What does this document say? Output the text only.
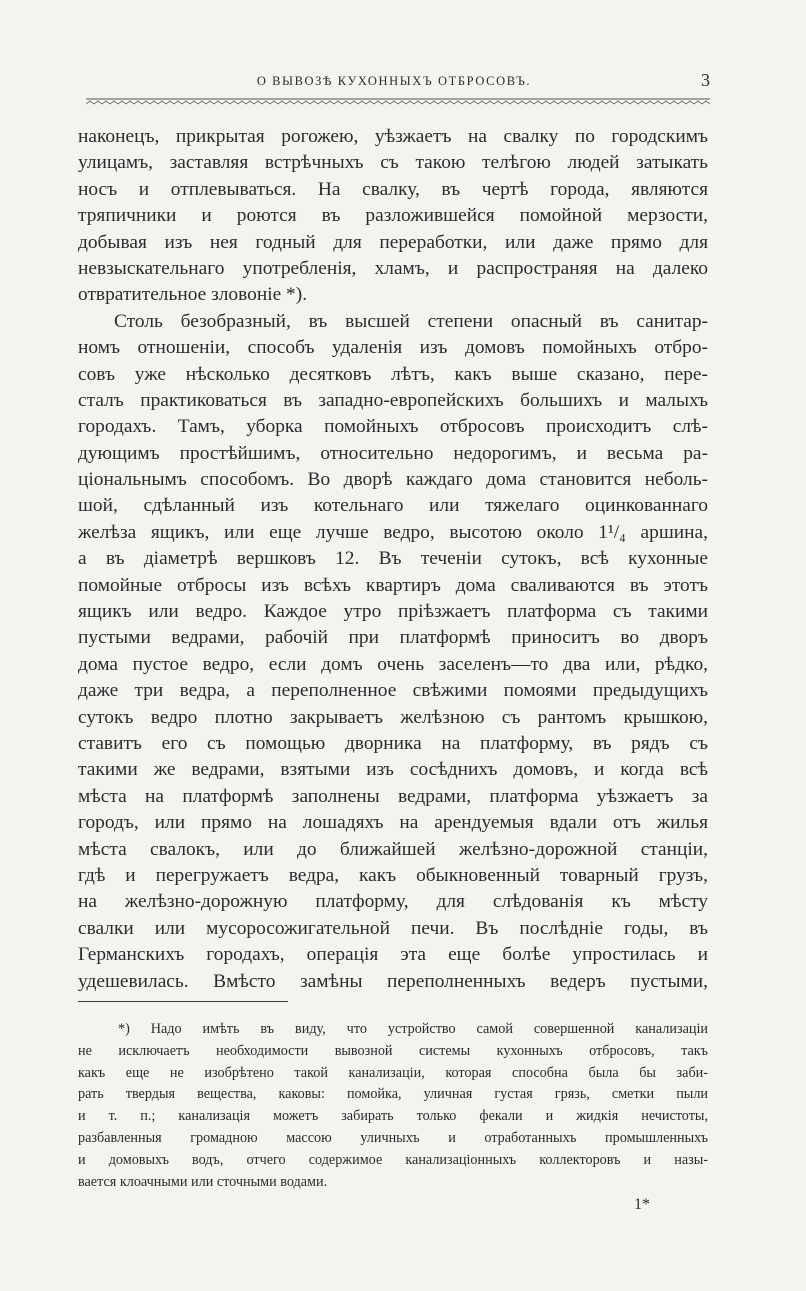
О ВЫВОЗѢ КУХОННЫХЪ ОТБРОСОВЪ.	3
наконецъ, прикрытая рогожею, уѣзжаетъ на свалку по городскимъ
улицамъ, заставляя встрѣчныхъ съ такою телѣгою людей затыкать
носъ и отплевываться. На свалку, въ чертѣ города, являются
тряпичники и роются въ разложившейся помойной мерзости,
добывая изъ нея годный для переработки, или даже прямо для
невзыскательнаго употребленія, хламъ, и распространяя на далеко
отвратительное зловоніе *).
Столь безобразный, въ высшей степени опасный въ санитар-
номъ отношеніи, способъ удаленія изъ домовъ помойныхъ отбро-
совъ уже нѣсколько десятковъ лѣтъ, какъ выше сказано, пере-
сталъ практиковаться въ западно-европейскихъ большихъ и малыхъ
городахъ. Тамъ, уборка помойныхъ отбросовъ происходитъ слѣ-
дующимъ простѣйшимъ, относительно недорогимъ, и весьма ра-
ціональнымъ способомъ. Во дворѣ каждаго дома становится неболь-
шой, сдѣланный изъ котельнаго или тяжелаго оцинкованнаго
желѣза ящикъ, или еще лучше ведро, высотою около 1¹/₄ аршина,
а въ діаметрѣ вершковъ 12. Въ теченіи сутокъ, всѣ кухонные
помойные отбросы изъ всѣхъ квартиръ дома сваливаются въ этотъ
ящикъ или ведро. Каждое утро пріѣзжаетъ платформа съ такими
пустыми ведрами, рабочій при платформѣ приноситъ во дворъ
дома пустое ведро, если домъ очень заселенъ—то два или, рѣдко,
даже три ведра, а переполненное свѣжими помоями предыдущихъ
сутокъ ведро плотно закрываетъ желѣзною съ рантомъ крышкою,
ставитъ его съ помощью дворника на платформу, въ рядъ съ
такими же ведрами, взятыми изъ сосѣднихъ домовъ, и когда всѣ
мѣста на платформѣ заполнены ведрами, платформа уѣзжаетъ за
городъ, или прямо на лошадяхъ на арендуемыя вдали отъ жилья
мѣста свалокъ, или до ближайшей желѣзно-дорожной станціи,
гдѣ и перегружаетъ ведра, какъ обыкновенный товарный грузъ,
на желѣзно-дорожную платформу, для слѣдованія къ мѣсту
свалки или мусоросожигательной печи. Въ послѣдніе годы, въ
Германскихъ городахъ, операція эта еще болѣе упростилась и
удешевилась. Вмѣсто замѣны переполненныхъ ведеръ пустыми,
*) Надо имѣть въ виду, что устройство самой совершенной канализаціи
не исключаетъ необходимости вывозной системы кухонныхъ отбросовъ, такъ
какъ еще не изобрѣтено такой канализаціи, которая способна была бы заби-
рать твердыя вещества, каковы: помойка, уличная густая грязь, сметки пыли
и т. п.; канализація можетъ забирать только фекали и жидкія нечистоты,
разбавленныя громадною массою уличныхъ и отработанныхъ промышленныхъ
и домовыхъ водъ, отчего содержимое канализаціонныхъ коллекторовъ и назы-
вается клоачными или сточными водами.
1*
